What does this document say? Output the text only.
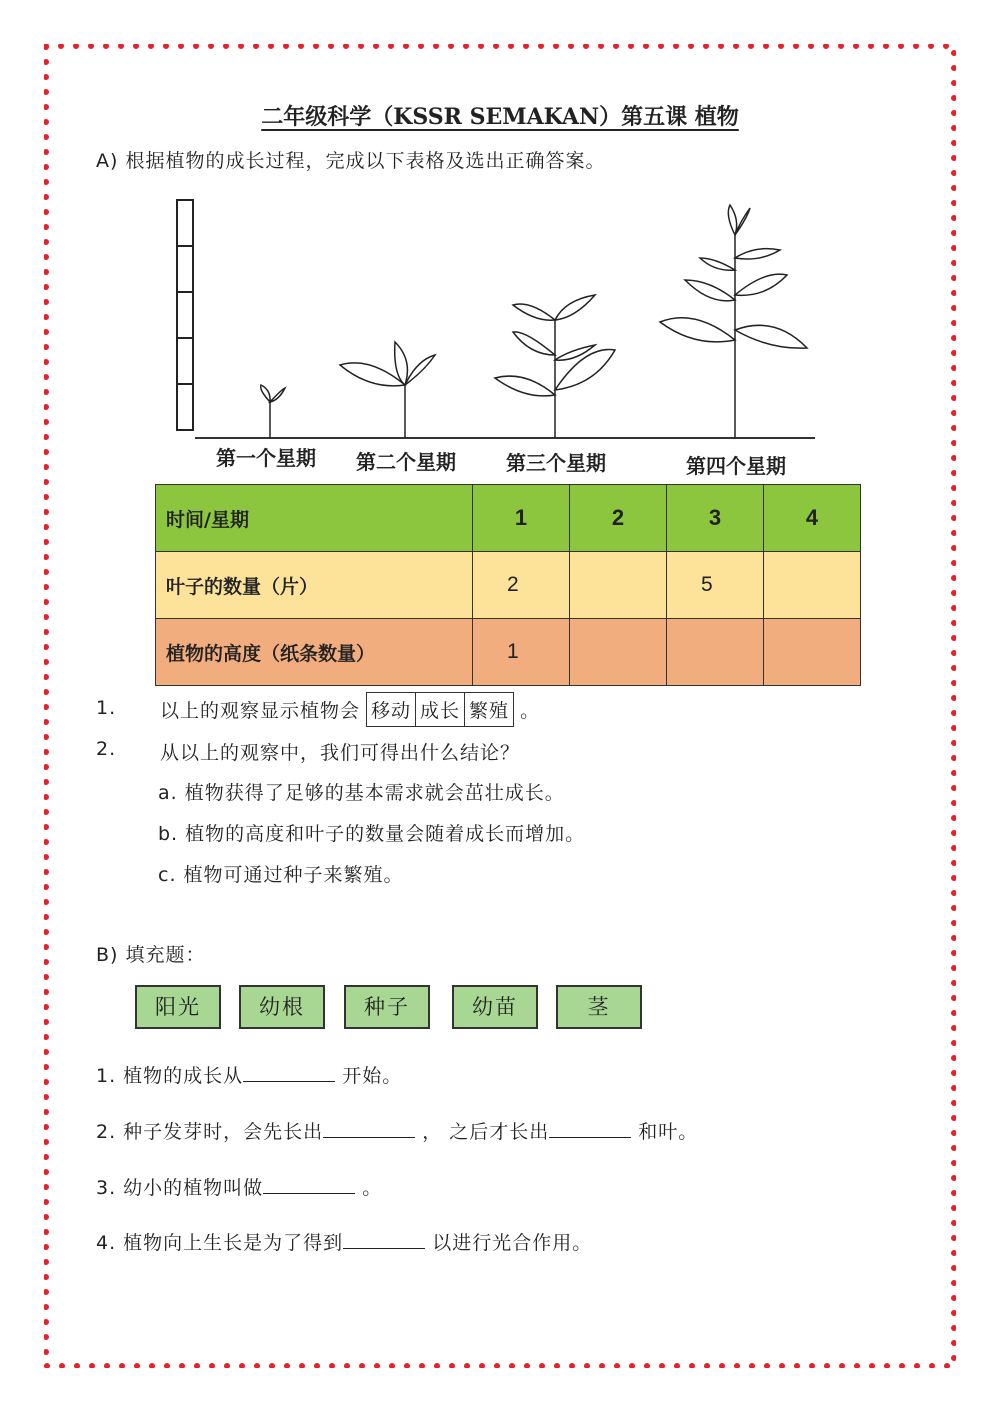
二年级科学（KSSR SEMAKAN）第五课 植物
A) 根据植物的成长过程，完成以下表格及选出正确答案。
第一个星期 第二个星期	第三个星期	第四个星期
时间/星期	1	2	3	4
叶子的数量（片）	2		5	
植物的高度（纸条数量）	1			
1. 以上的观察显示植物会 移动 成长 繁殖 。
2. 从以上的观察中，我们可得出什么结论？
a. 植物获得了足够的基本需求就会茁壮成长。
b. 植物的高度和叶子的数量会随着成长而增加。
c. 植物可通过种子来繁殖。
B) 填充题：
阳光	幼根	种子	幼苗	茎
1. 植物的成长从	开始。
2. 种子发芽时，会先长出	， 之后才长出	和叶。
3. 幼小的植物叫做	。
4. 植物向上生长是为了得到	以进行光合作用。
